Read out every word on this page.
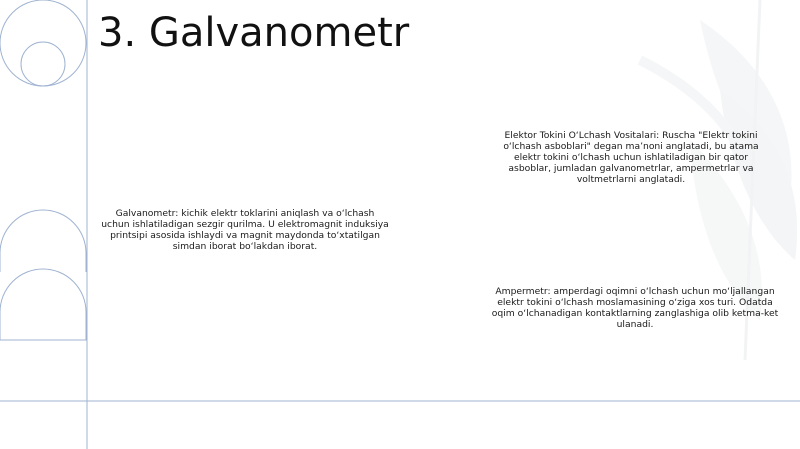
3. Galvanometr

Elektor Tokini O‘Lchash Vositalari: Ruscha "Elektr tokini o‘lchash asboblari" degan ma’noni anglatadi, bu atama elektr tokini o‘lchash uchun ishlatiladigan bir qator asboblar, jumladan galvanometrlar, ampermetrlar va voltmetrlarni anglatadi.

Galvanometr: kichik elektr toklarini aniqlash va o‘lchash uchun ishlatiladigan sezgir qurilma. U elektromagnit induksiya printsipi asosida ishlaydi va magnit maydonda to‘xtatilgan simdan iborat bo‘lakdan iborat.

Ampermetr: amperdagi oqimni o‘lchash uchun mo‘ljallangan elektr tokini o‘lchash moslamasining o‘ziga xos turi. Odatda oqim o‘lchanadigan kontaktlarning zanglashiga olib ketma-ket ulanadi.
